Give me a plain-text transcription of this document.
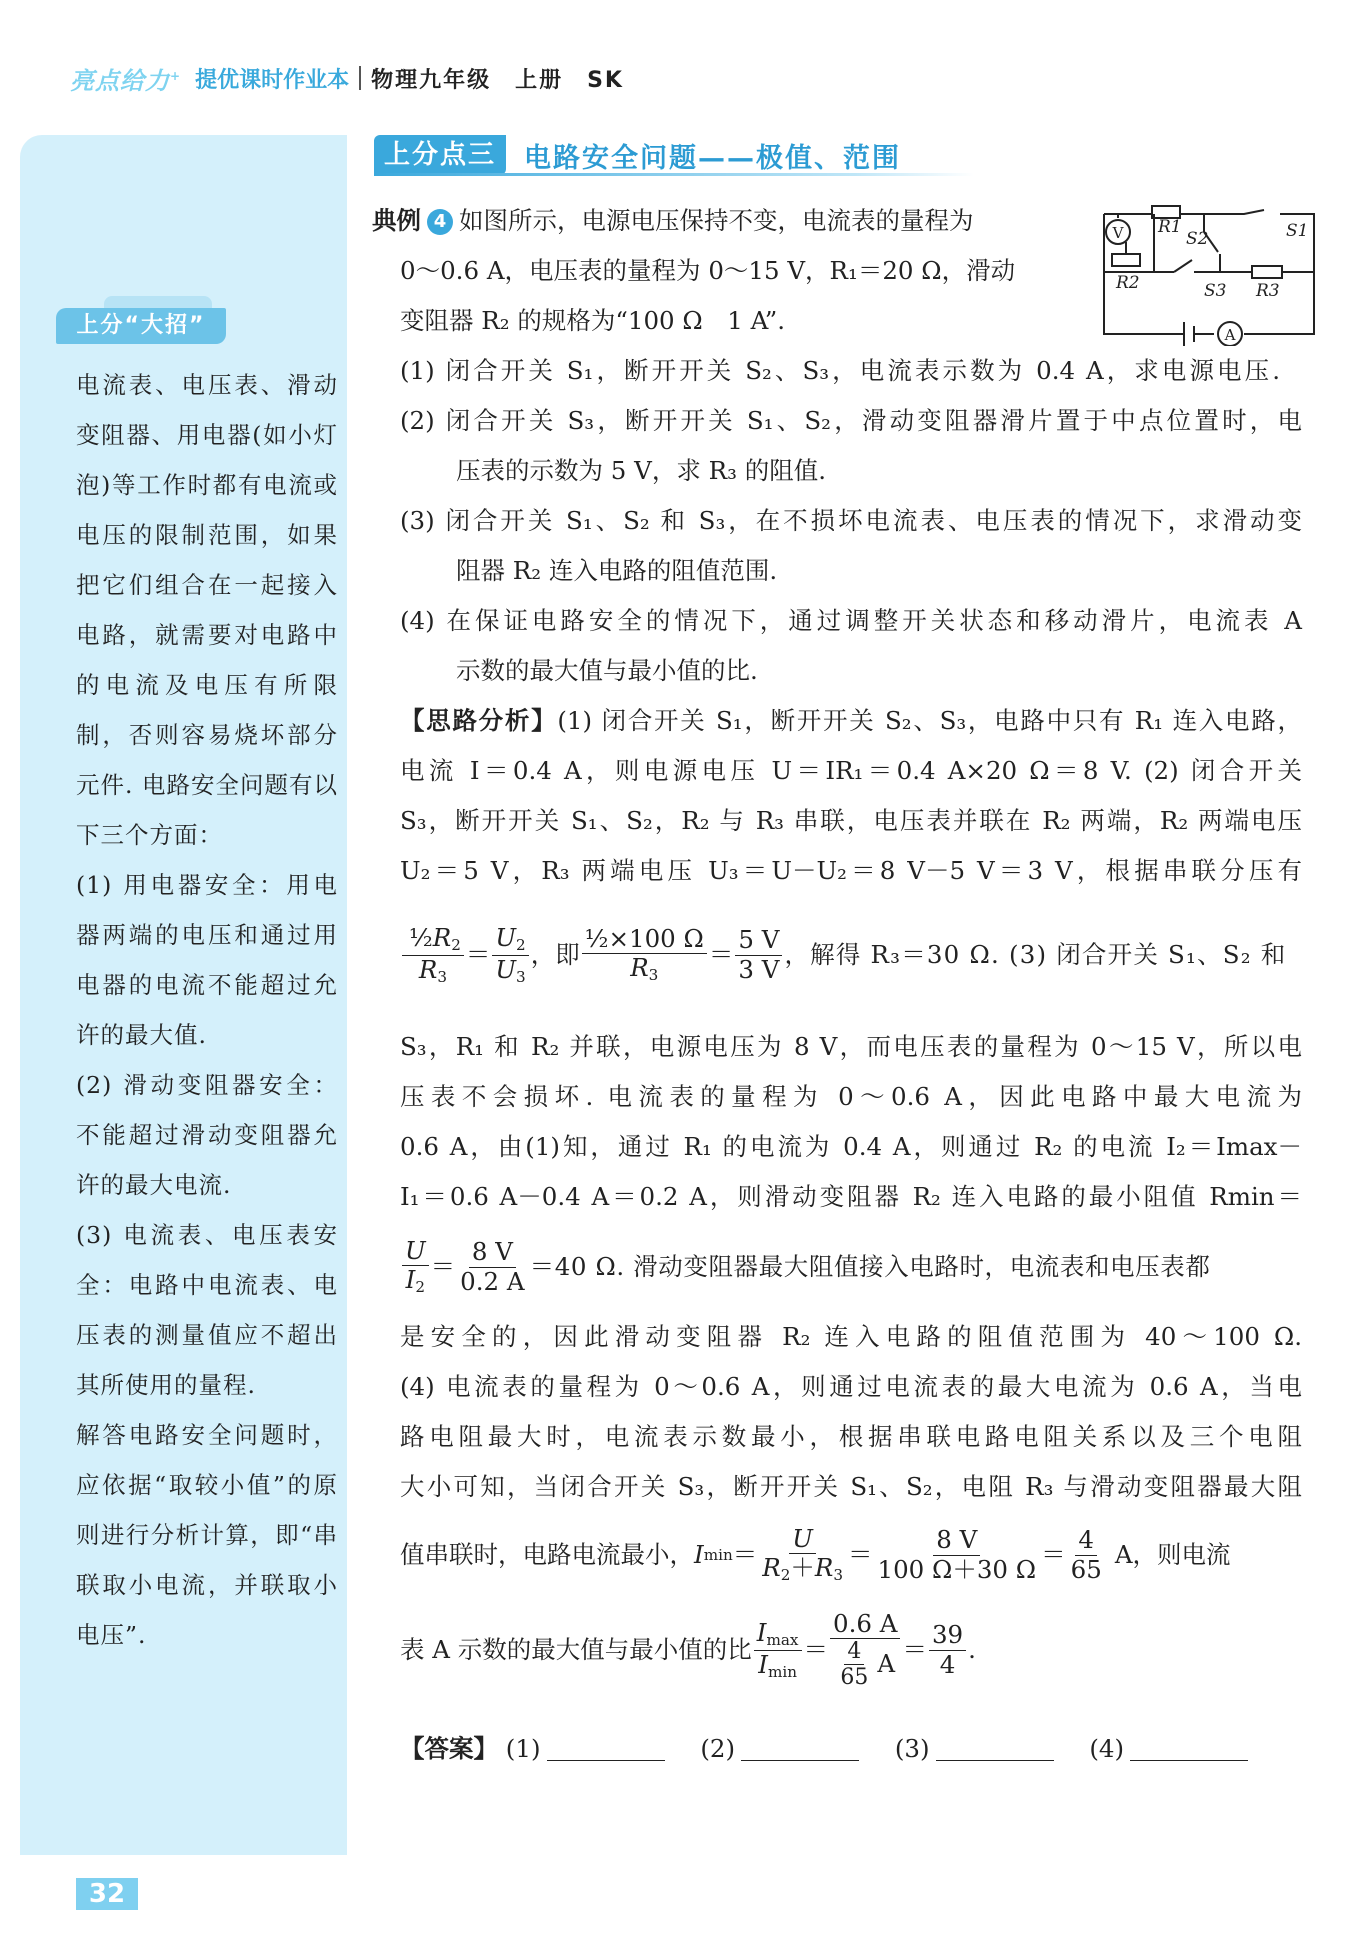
亮点给力+ 提优课时作业本 物理九年级　上册　SK
上分“大招”

电流表、电压表、滑动变阻器、用电器(如小灯泡)等工作时都有电流或电压的限制范围，如果把它们组合在一起接入电路，就需要对电路中的电流及电压有所限制，否则容易烧坏部分元件. 电路安全问题有以下三个方面：

(1) 用电器安全：用电器两端的电压和通过用电器的电流不能超过允许的最大值.

(2) 滑动变阻器安全：不能超过滑动变阻器允许的最大电流.

(3) 电流表、电压表安全：电路中电流表、电压表的测量值应不超出其所使用的量程.

解答电路安全问题时，应依据“取较小值”的原则进行分析计算，即“串联取小电流，并联取小电压”.

32
上分点三	电路安全问题——极值、范围
V R1
S2	S1
R2	S3 R3
A
典例 4 如图所示，电源电压保持不变，电流表的量程为
0～0.6 A，电压表的量程为 0～15 V，R₁＝20 Ω，滑动
变阻器 R₂ 的规格为“100 Ω　1 A”.
(1) 闭合开关 S₁，断开开关 S₂、S₃，电流表示数为 0.4 A，求电源电压.
(2) 闭合开关 S₃，断开开关 S₁、S₂，滑动变阻器滑片置于中点位置时，电
压表的示数为 5 V，求 R₃ 的阻值.
(3) 闭合开关 S₁、S₂ 和 S₃，在不损坏电流表、电压表的情况下，求滑动变
阻器 R₂ 连入电路的阻值范围.
(4) 在保证电路安全的情况下，通过调整开关状态和移动滑片，电流表 A
示数的最大值与最小值的比.
【思路分析】(1) 闭合开关 S₁，断开开关 S₂、S₃，电路中只有 R₁ 连入电路，
电流 I＝0.4 A，则电源电压 U＝IR₁＝0.4 A×20 Ω＝8 V. (2) 闭合开关
S₃，断开开关 S₁、S₂，R₂ 与 R₃ 串联，电压表并联在 R₂ 两端，R₂ 两端电压
U₂＝5 V，R₃ 两端电压 U₃＝U－U₂＝8 V－5 V＝3 V，根据串联分压有
$\frac{\frac{1}{2}R_2}{R_3} = \frac{U_2}{U_3}$ ，即 $\frac{\text{½×100 Ω}}{R_3} = \frac{5 V}{3 V}$ ，解得 R₃＝30 Ω. (3) 闭合开关 S₁、S₂ 和
S₃，R₁ 和 R₂ 并联，电源电压为 8 V，而电压表的量程为 0～15 V，所以电
压表不会损坏. 电流表的量程为 0～0.6 A，因此电路中最大电流为
0.6 A，由(1)知，通过 R₁ 的电流为 0.4 A，则通过 R₂ 的电流 I₂＝Imax－
I₁＝0.6 A－0.4 A＝0.2 A，则滑动变阻器 R₂ 连入电路的最小阻值 Rmin＝
$\frac{U}{I_2} = \frac{8 V}{0.2 A} =40$ Ω. 滑动变阻器最大阻值接入电路时，电流表和电压表都
是安全的，因此滑动变阻器 R₂ 连入电路的阻值范围为 40～100 Ω.
(4) 电流表的量程为 0～0.6 A，则通过电流表的最大电流为 0.6 A，当电
路电阻最大时，电流表示数最小，根据串联电路电阻关系以及三个电阻
大小可知，当闭合开关 S₃，断开开关 S₁、S₂，电阻 R₃ 与滑动变阻器最大阻
值串联时，电路电流最小， I $\min = \frac{U}{R_2+R_3} = \frac{8 V}{100 \Omega+30 \Omega} = \frac{4}{65}$ A，则电流
表 A 示数的最大值与最小值的比 $\frac{I_{max}}{I_{min}} = \frac{0.6 A}{\frac{4}{65} A} = \frac{39}{4}$ .
【答案】 (1)	(2)	(3)	(4)
